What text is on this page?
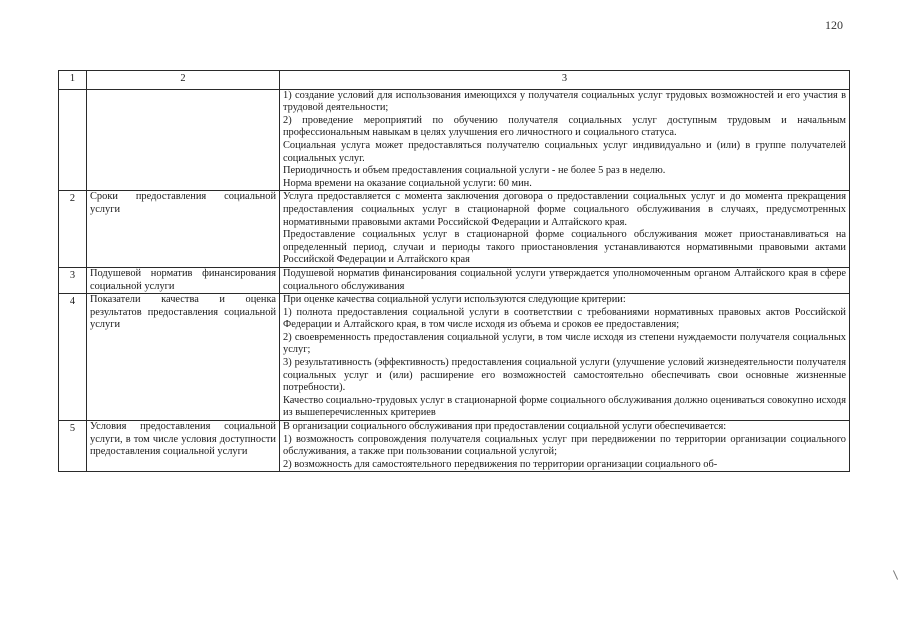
120
1	2	3

		1) создание условий для использования имеющихся у получателя социальных услуг трудовых возможностей и его участия в трудовой деятельности;

2) проведение мероприятий по обучению получателя социальных услуг доступным трудовым и начальным профессиональным навыкам в целях улучшения его личностного и социального статуса.

Социальная услуга может предоставляться получателю социальных услуг индивидуально и (или) в группе получателей социальных услуг.

Периодичность и объем предоставления социальной услуги - не более 5 раз в неделю.

Норма времени на оказание социальной услуги: 60 мин.

2	Сроки предоставления социальной услуги	Услуга предоставляется с момента заключения договора о предоставлении социальных услуг и до момента прекращения предоставления социальных услуг в стационарной форме социального обслуживания в случаях, предусмотренных нормативными правовыми актами Российской Федерации и Алтайского края.

Предоставление социальных услуг в стационарной форме социального обслуживания может приостанавливаться на определенный период, случаи и периоды такого приостановления устанавливаются нормативными правовыми актами Российской Федерации и Алтайского края

3	Подушевой норматив финансирования социальной услуги	Подушевой норматив финансирования социальной услуги утверждается уполномоченным органом Алтайского края в сфере социального обслуживания

4	Показатели качества и оценка результатов предоставления социальной услуги	При оценке качества социальной услуги используются следующие критерии:

1) полнота предоставления социальной услуги в соответствии с требованиями нормативных правовых актов Российской Федерации и Алтайского края, в том числе исходя из объема и сроков ее предоставления;

2) своевременность предоставления социальной услуги, в том числе исходя из степени нуждаемости получателя социальных услуг;

3) результативность (эффективность) предоставления социальной услуги (улучшение условий жизнедеятельности получателя социальных услуг и (или) расширение его возможностей самостоятельно обеспечивать свои основные жизненные потребности).

Качество социально-трудовых услуг в стационарной форме социального обслуживания должно оцениваться совокупно исходя из вышеперечисленных критериев

5	Условия предоставления социальной услуги, в том числе условия доступности предоставления социальной услуги	В организации социального обслуживания при предоставлении социальной услуги обеспечивается:

1) возможность сопровождения получателя социальных услуг при передвижении по территории организации социального обслуживания, а также при пользовании социальной услугой;

2) возможность для самостоятельного передвижения по территории организации социального об-
